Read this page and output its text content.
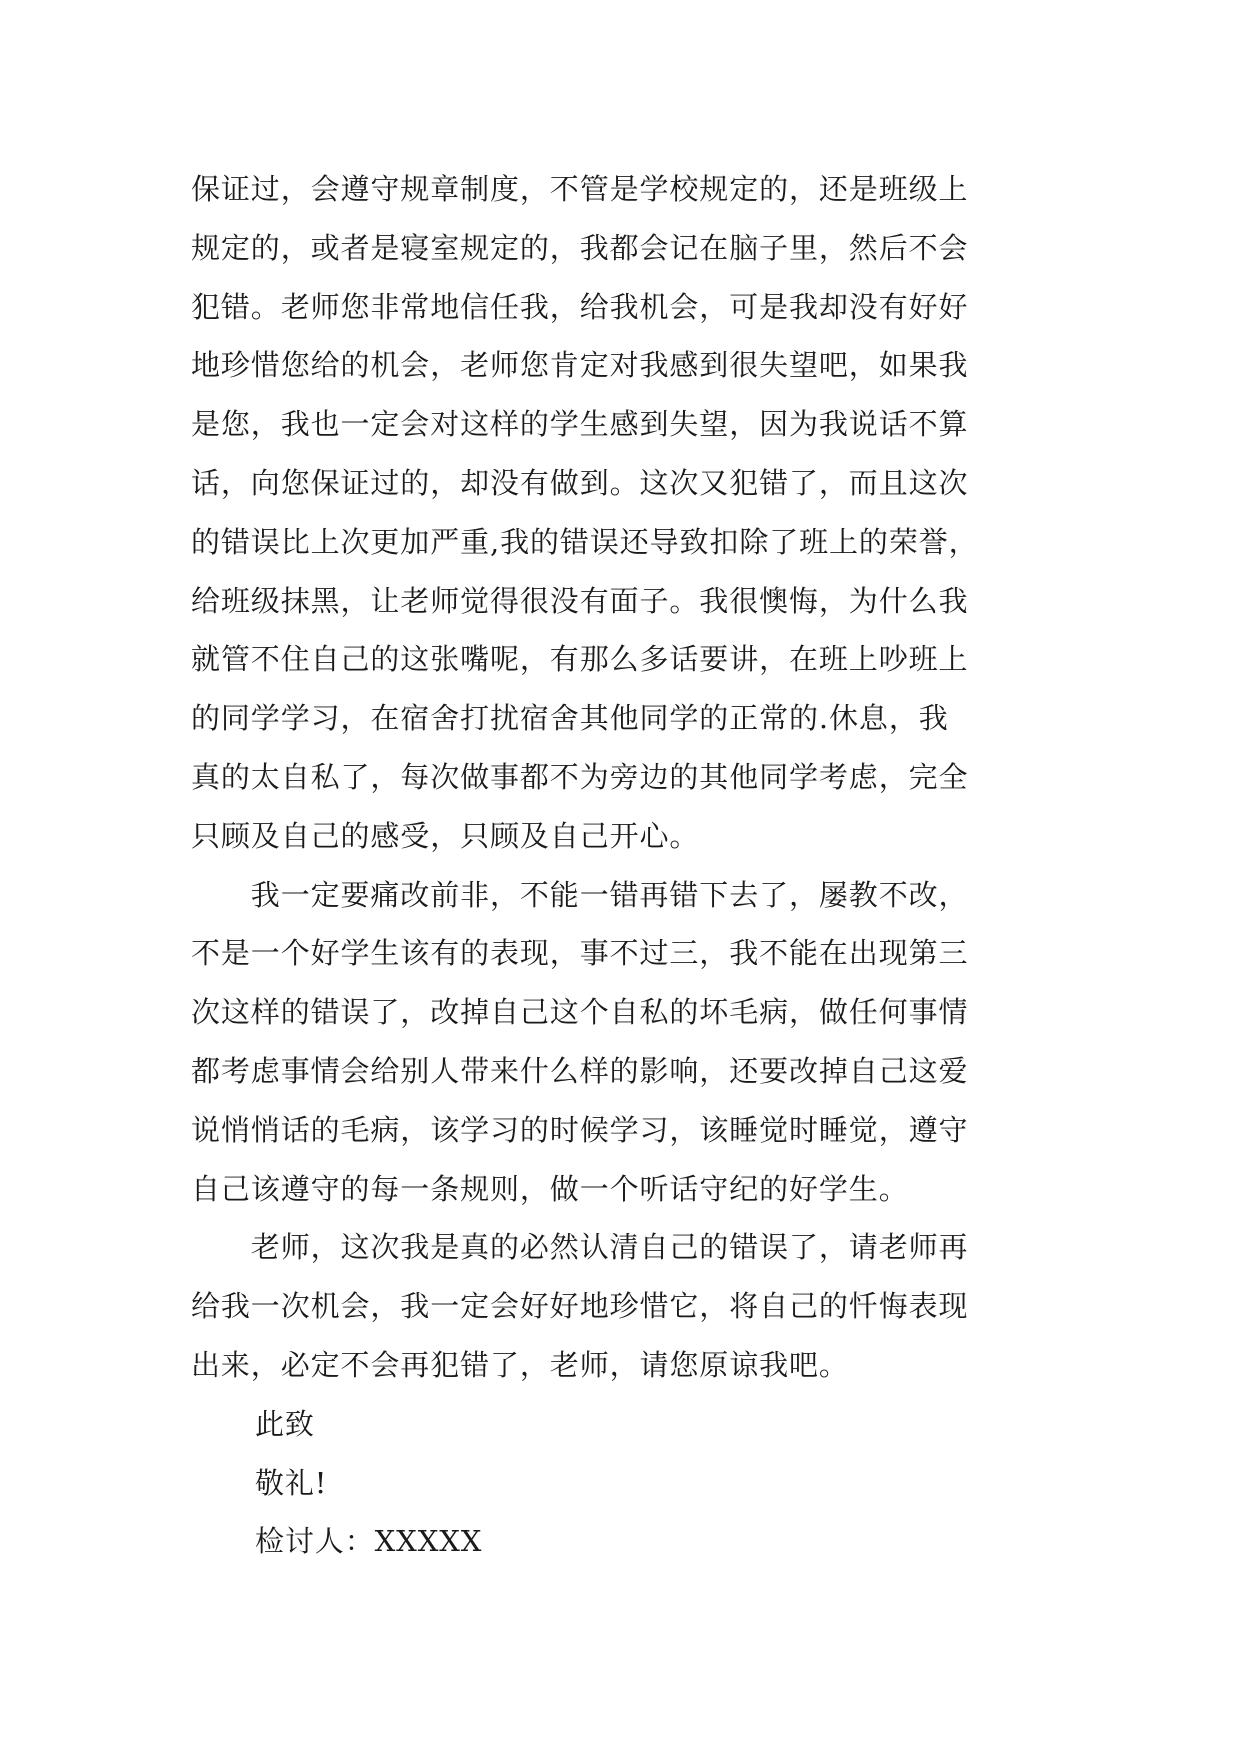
保证过，会遵守规章制度，不管是学校规定的，还是班级上
规定的，或者是寝室规定的，我都会记在脑子里，然后不会
犯错。老师您非常地信任我，给我机会，可是我却没有好好
地珍惜您给的机会，老师您肯定对我感到很失望吧，如果我
是您，我也一定会对这样的学生感到失望，因为我说话不算
话，向您保证过的，却没有做到。这次又犯错了，而且这次
的错误比上次更加严重,我的错误还导致扣除了班上的荣誉，
给班级抹黑，让老师觉得很没有面子。我很懊悔，为什么我
就管不住自己的这张嘴呢，有那么多话要讲，在班上吵班上
的同学学习，在宿舍打扰宿舍其他同学的正常的.休息，我
真的太自私了，每次做事都不为旁边的其他同学考虑，完全
只顾及自己的感受，只顾及自己开心。
　　我一定要痛改前非，不能一错再错下去了，屡教不改，
不是一个好学生该有的表现，事不过三，我不能在出现第三
次这样的错误了，改掉自己这个自私的坏毛病，做任何事情
都考虑事情会给别人带来什么样的影响，还要改掉自己这爱
说悄悄话的毛病，该学习的时候学习，该睡觉时睡觉，遵守
自己该遵守的每一条规则，做一个听话守纪的好学生。
　　老师，这次我是真的必然认清自己的错误了，请老师再
给我一次机会，我一定会好好地珍惜它，将自己的忏悔表现
出来，必定不会再犯错了，老师，请您原谅我吧。
此致
敬礼!
检讨人：XXXXX
